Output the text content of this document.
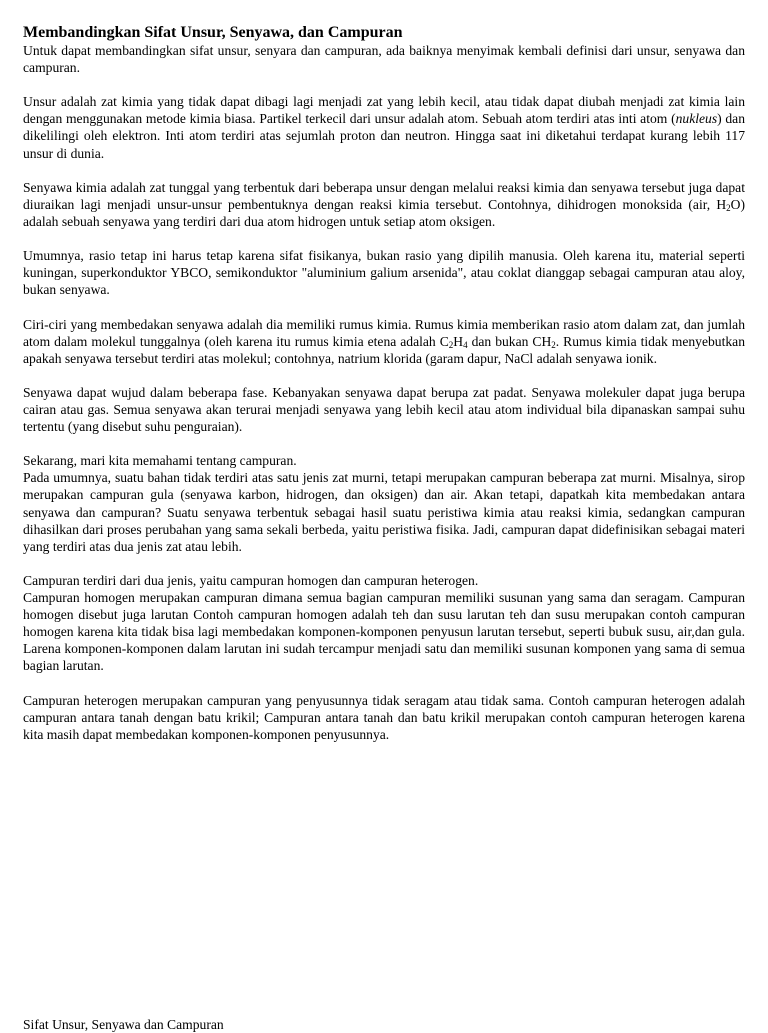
Membandingkan Sifat Unsur, Senyawa, dan Campuran

Untuk dapat membandingkan sifat unsur, senyara dan campuran, ada baiknya menyimak kembali definisi dari unsur, senyawa dan campuran.

Unsur adalah zat kimia yang tidak dapat dibagi lagi menjadi zat yang lebih kecil, atau tidak dapat diubah menjadi zat kimia lain dengan menggunakan metode kimia biasa. Partikel terkecil dari unsur adalah atom. Sebuah atom terdiri atas inti atom (nukleus) dan dikelilingi oleh elektron. Inti atom terdiri atas sejumlah proton dan neutron. Hingga saat ini diketahui terdapat kurang lebih 117 unsur di dunia.

Senyawa kimia adalah zat tunggal yang terbentuk dari beberapa unsur dengan melalui reaksi kimia dan senyawa tersebut juga dapat diuraikan lagi menjadi unsur-unsur pembentuknya dengan reaksi kimia tersebut. Contohnya, dihidrogen monoksida (air, $H_2O$) adalah sebuah senyawa yang terdiri dari dua atom hidrogen untuk setiap atom oksigen.

Umumnya, rasio tetap ini harus tetap karena sifat fisikanya, bukan rasio yang dipilih manusia. Oleh karena itu, material seperti kuningan, superkonduktor YBCO, semikonduktor "aluminium galium arsenida", atau coklat dianggap sebagai campuran atau aloy, bukan senyawa.

Ciri-ciri yang membedakan senyawa adalah dia memiliki rumus kimia. Rumus kimia memberikan rasio atom dalam zat, dan jumlah atom dalam molekul tunggalnya (oleh karena itu rumus kimia etena adalah $C_2H_4$ dan bukan $CH_2$. Rumus kimia tidak menyebutkan apakah senyawa tersebut terdiri atas molekul; contohnya, natrium klorida (garam dapur, NaCl adalah senyawa ionik.

Senyawa dapat wujud dalam beberapa fase. Kebanyakan senyawa dapat berupa zat padat. Senyawa molekuler dapat juga berupa cairan atau gas. Semua senyawa akan terurai menjadi senyawa yang lebih kecil atau atom individual bila dipanaskan sampai suhu tertentu (yang disebut suhu penguraian).

Sekarang, mari kita memahami tentang campuran.

Pada umumnya, suatu bahan tidak terdiri atas satu jenis zat murni, tetapi merupakan campuran beberapa zat murni. Misalnya, sirop merupakan campuran gula (senyawa karbon, hidrogen, dan oksigen) dan air. Akan tetapi, dapatkah kita membedakan antara senyawa dan campuran? Suatu senyawa terbentuk sebagai hasil suatu peristiwa kimia atau reaksi kimia, sedangkan campuran dihasilkan dari proses perubahan yang sama sekali berbeda, yaitu peristiwa fisika. Jadi, campuran dapat didefinisikan sebagai materi yang terdiri atas dua jenis zat atau lebih.

Campuran terdiri dari dua jenis, yaitu campuran homogen dan campuran heterogen.

Campuran homogen merupakan campuran dimana semua bagian campuran memiliki susunan yang sama dan seragam. Campuran homogen disebut juga larutan Contoh campuran homogen adalah teh dan susu larutan teh dan susu merupakan contoh campuran homogen karena kita tidak bisa lagi membedakan komponen-komponen penyusun larutan tersebut, seperti bubuk susu, air,dan gula. Larena komponen-komponen dalam larutan ini sudah tercampur menjadi satu dan memiliki susunan komponen yang sama di semua bagian larutan.

Campuran heterogen merupakan campuran yang penyusunnya tidak seragam atau tidak sama. Contoh campuran heterogen adalah campuran antara tanah dengan batu krikil; Campuran antara tanah dan batu krikil merupakan contoh campuran heterogen karena kita masih dapat membedakan komponen-komponen penyusunnya.

Sifat Unsur, Senyawa dan Campuran
